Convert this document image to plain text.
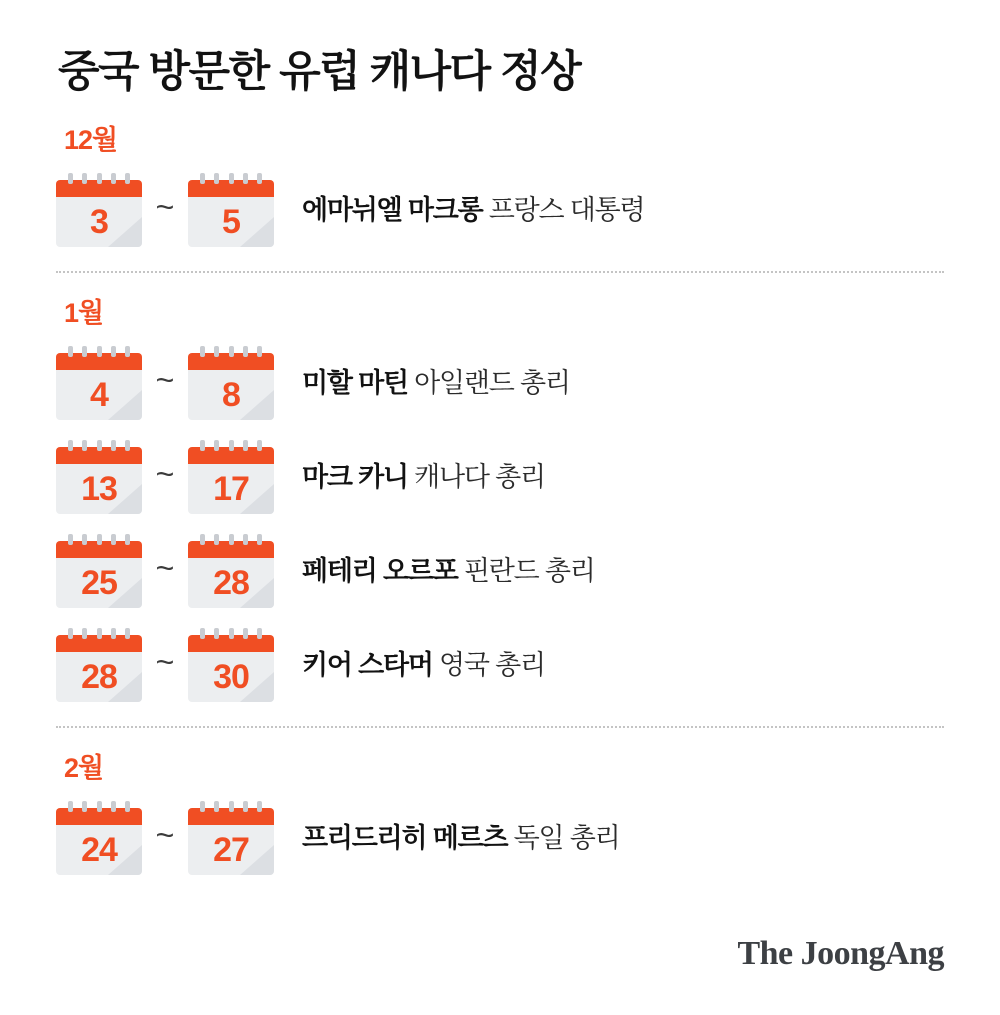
중국 방문한 유럽 캐나다 정상
12월
3	~	5	에마뉘엘 마크롱 프랑스 대통령
1월
4	~	8	미할 마틴 아일랜드 총리
13	~	17	마크 카니 캐나다 총리
25	~	28	페테리 오르포 핀란드 총리
28	~	30	키어 스타머 영국 총리
2월
24	~	27	프리드리히 메르츠 독일 총리
The JoongAng
